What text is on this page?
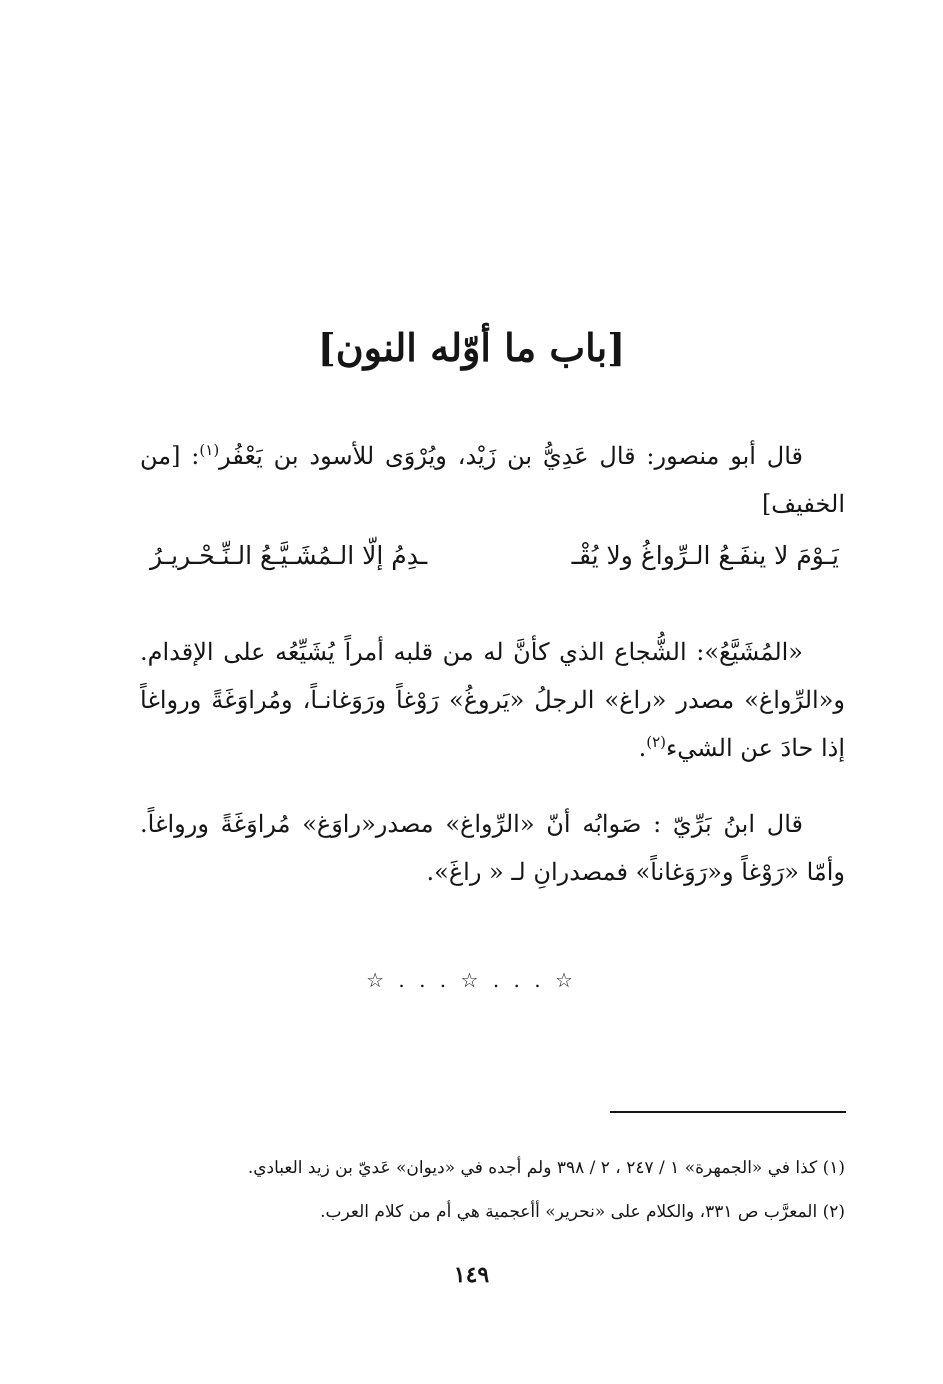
[باب ما أوّله النون]
قال أبو منصور: قال عَدِيُّ بن زَيْد، ويُرْوَى للأسود بن يَعْفُر$^{(١)}$: [من الخفيف]
يَـوْمَ لا ينفَـعُ الـرِّواغُ ولا يُقْـ
ـدِمُ إلّا الـمُشَـيَّـعُ الـنِّـحْـريـرُ
«المُشَيَّعُ»: الشُّجاع الذي كأنَّ له من قلبه أمراً يُشَيِّعُه على الإقدام. و«الرِّواغ» مصدر «راغ» الرجلُ «يَروغُ» رَوْغاً ورَوَغانـاً، ومُراوَغَةً ورواغاً إذا حادَ عن الشيء$^{(٢)}$.
قال ابنُ بَرِّيّ : صَوابُه أنّ «الرِّواغ» مصدر«راوَغ» مُراوَغَةً ورواغاً. وأمّا «رَوْغاً و«رَوَغاناً» فمصدرانِ لـ « راغَ».
☆ . . . ☆ . . . ☆
(١) كذا في «الجمهرة» ١ / ٢٤٧ ، ٢ / ٣٩٨ ولم أجده في «ديوان» عَديّ بن زيد العبادي.
(٢) المعرَّب ص ٣٣١، والكلام على «نحرير» أأعجمية هي أم من كلام العرب.
١٤٩
